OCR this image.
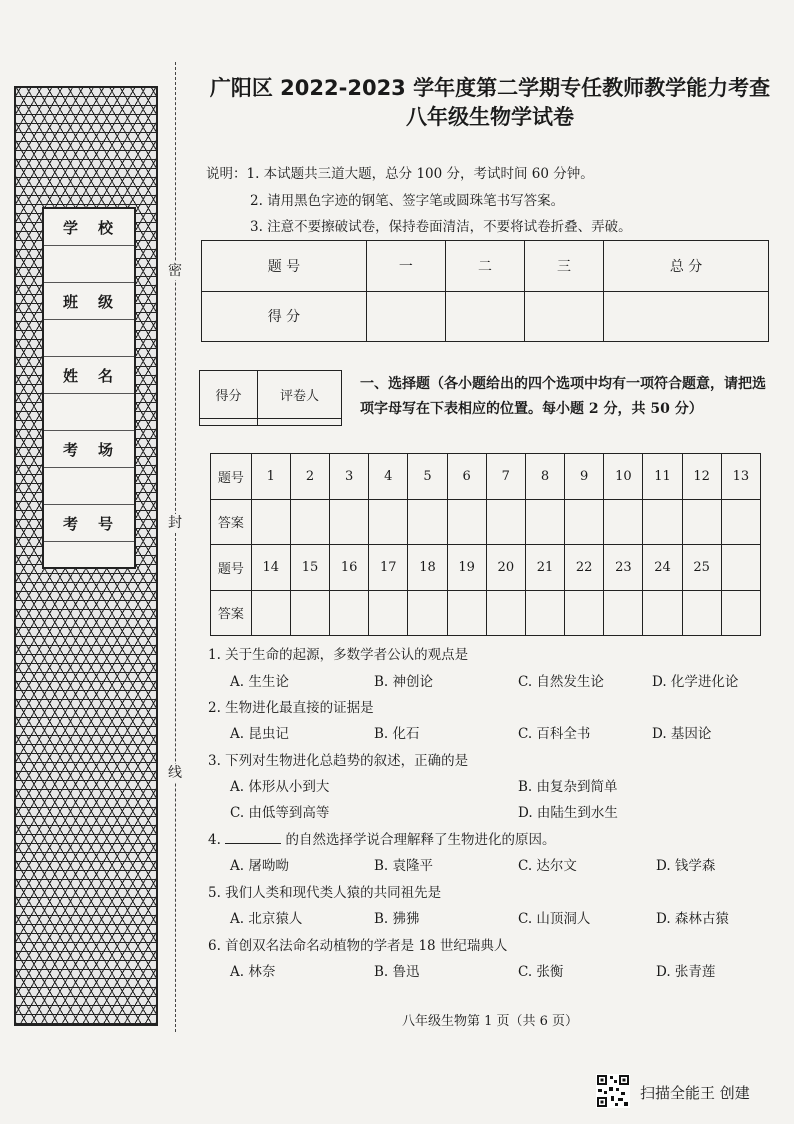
学校
班级
姓名
考场
考号
密
封
线
广阳区 2022-2023 学年度第二学期专任教师教学能力考查
八年级生物学试卷
说明：1. 本试题共三道大题，总分 100 分，考试时间 60 分钟。
2. 请用黑色字迹的钢笔、签字笔或圆珠笔书写答案。
3. 注意不要擦破试卷，保持卷面清洁，不要将试卷折叠、弄破。
题 号	一	二	三	总 分
得 分				
得分	评卷人

一、选择题（各小题给出的四个选项中均有一项符合题意，请把选项字母写在下表相应的位置。每小题 2 分，共 50 分）
题号	1	2	3	4	5	6	7	8	9	10	11	12	13
答案													
题号	14	15	16	17	18	19	20	21	22	23	24	25	
答案													
1. 关于生命的起源，多数学者公认的观点是
A. 生生论	B. 神创论	C. 自然发生论	D. 化学进化论
2. 生物进化最直接的证据是
A. 昆虫记	B. 化石	C. 百科全书	D. 基因论
3. 下列对生物进化总趋势的叙述，正确的是
A. 体形从小到大	B. 由复杂到简单
C. 由低等到高等	D. 由陆生到水生
4.	的自然选择学说合理解释了生物进化的原因。
A. 屠呦呦	B. 袁隆平	C. 达尔文	D. 钱学森
5. 我们人类和现代类人猿的共同祖先是
A. 北京猿人	B. 狒狒	C. 山顶洞人	D. 森林古猿
6. 首创双名法命名动植物的学者是 18 世纪瑞典人
A. 林奈	B. 鲁迅	C. 张衡	D. 张青莲
八年级生物第 1 页（共 6 页）
扫描全能王 创建
